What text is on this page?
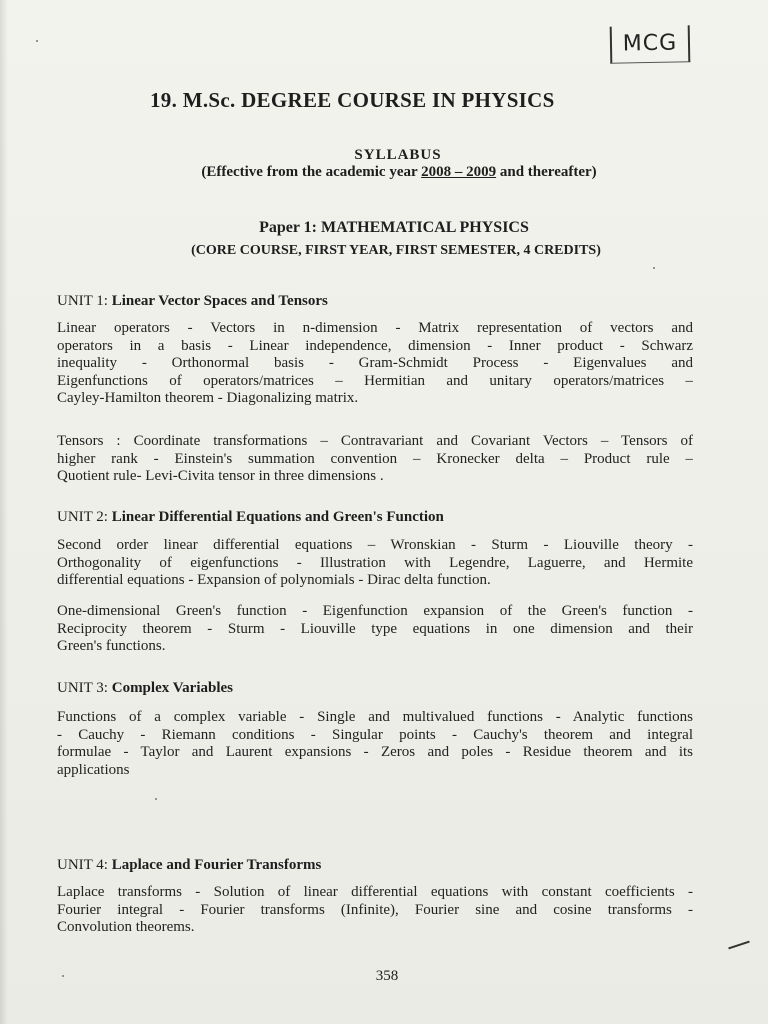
MCG
19. M.Sc. DEGREE COURSE IN PHYSICS
SYLLABUS
(Effective from the academic year 2008 – 2009 and thereafter)
Paper 1: MATHEMATICAL PHYSICS
(CORE COURSE, FIRST YEAR, FIRST SEMESTER, 4 CREDITS)
UNIT 1: Linear Vector Spaces and Tensors
Linear operators - Vectors in n-dimension - Matrix representation of vectors and
operators in a basis - Linear independence, dimension - Inner product - Schwarz
inequality - Orthonormal basis - Gram-Schmidt Process - Eigenvalues and
Eigenfunctions of operators/matrices – Hermitian and unitary operators/matrices –
Cayley-Hamilton theorem - Diagonalizing matrix.
Tensors : Coordinate transformations – Contravariant and Covariant Vectors – Tensors of
higher rank - Einstein's summation convention – Kronecker delta – Product rule –
Quotient rule- Levi-Civita tensor in three dimensions .
UNIT 2: Linear Differential Equations and Green's Function
Second order linear differential equations – Wronskian - Sturm - Liouville theory -
Orthogonality of eigenfunctions - Illustration with Legendre, Laguerre, and Hermite
differential equations - Expansion of polynomials - Dirac delta function.
One-dimensional Green's function - Eigenfunction expansion of the Green's function -
Reciprocity theorem - Sturm - Liouville type equations in one dimension and their
Green's functions.
UNIT 3: Complex Variables
Functions of a complex variable - Single and multivalued functions - Analytic functions
- Cauchy - Riemann conditions - Singular points - Cauchy's theorem and integral
formulae - Taylor and Laurent expansions - Zeros and poles - Residue theorem and its
applications
UNIT 4: Laplace and Fourier Transforms
Laplace transforms - Solution of linear differential equations with constant coefficients -
Fourier integral - Fourier transforms (Infinite), Fourier sine and cosine transforms -
Convolution theorems.
358
